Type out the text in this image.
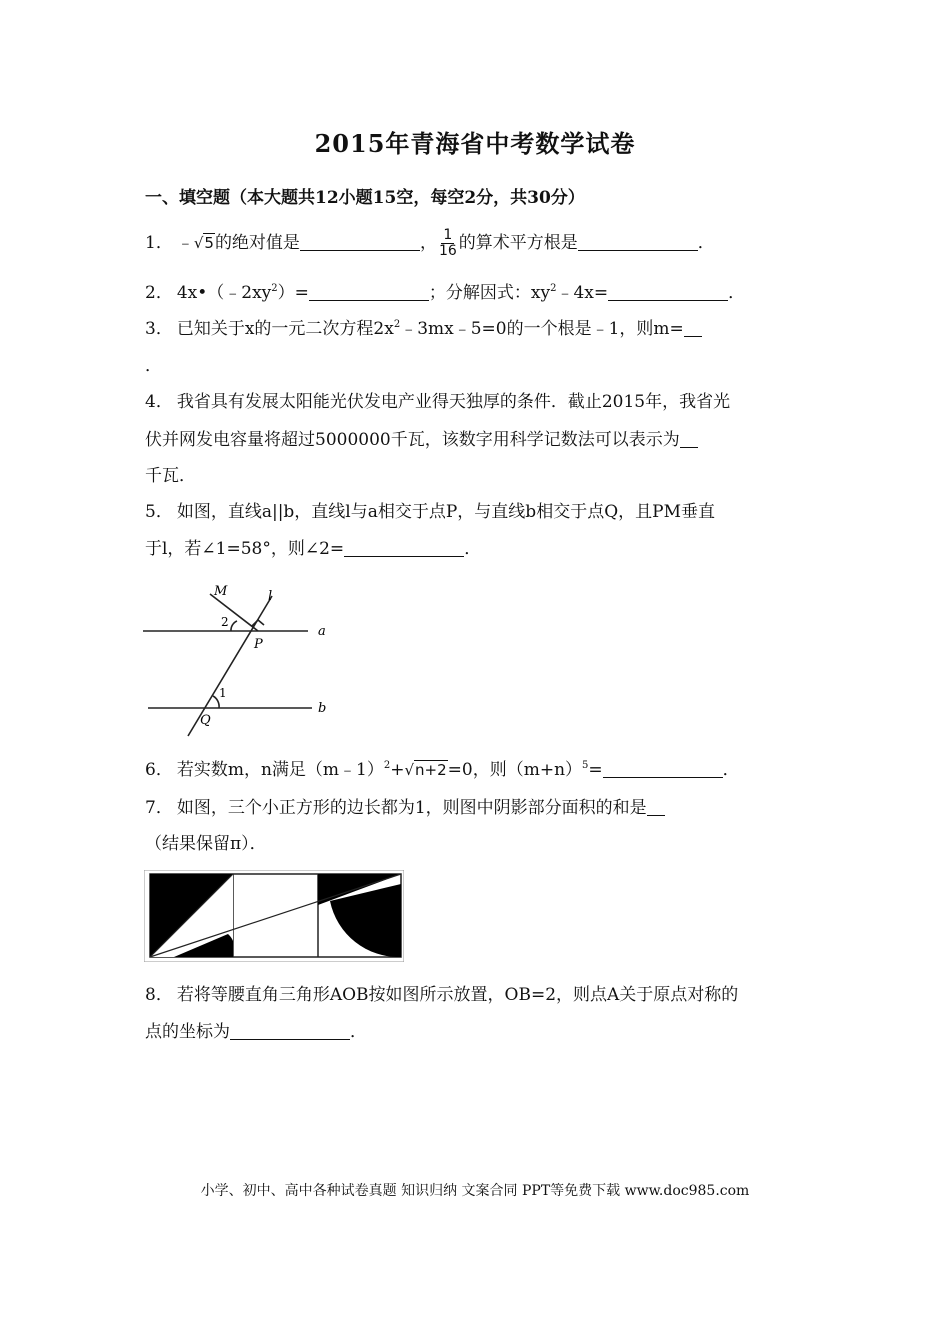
2015年青海省中考数学试卷
一、填空题（本大题共12小题15空，每空2分，共30分）
1． ﹣√5的绝对值是	， $\frac{1}{16}$ 的算术平方根是	．
2． $4x•(﹣2xy^2)=$	；分解因式：$xy^2﹣4x=$	．
3． 已知关于x的一元二次方程$2x^2﹣3mx﹣5=0$的一个根是﹣1，则m=
．
4． 我省具有发展太阳能光伏发电产业得天独厚的条件．截止2015年，我省光
伏并网发电容量将超过5000000千瓦，该数字用科学记数法可以表示为
千瓦．
5． 如图，直线a||b，直线l与a相交于点P，与直线b相交于点Q，且PM垂直
于l，若∠1=58°，则∠2=	．
M	l
a
b
P
Q
1
2
6． 若实数m，n满足（m﹣1）$^2$+√n+2=0，则$(m+n)^5=$	．
7． 如图，三个小正方形的边长都为1，则图中阴影部分面积的和是
（结果保留π）．
8． 若将等腰直角三角形AOB按如图所示放置，OB=2，则点A关于原点对称的
点的坐标为	．
小学、初中、高中各种试卷真题 知识归纳 文案合同 PPT等免费下载 www.doc985.com
